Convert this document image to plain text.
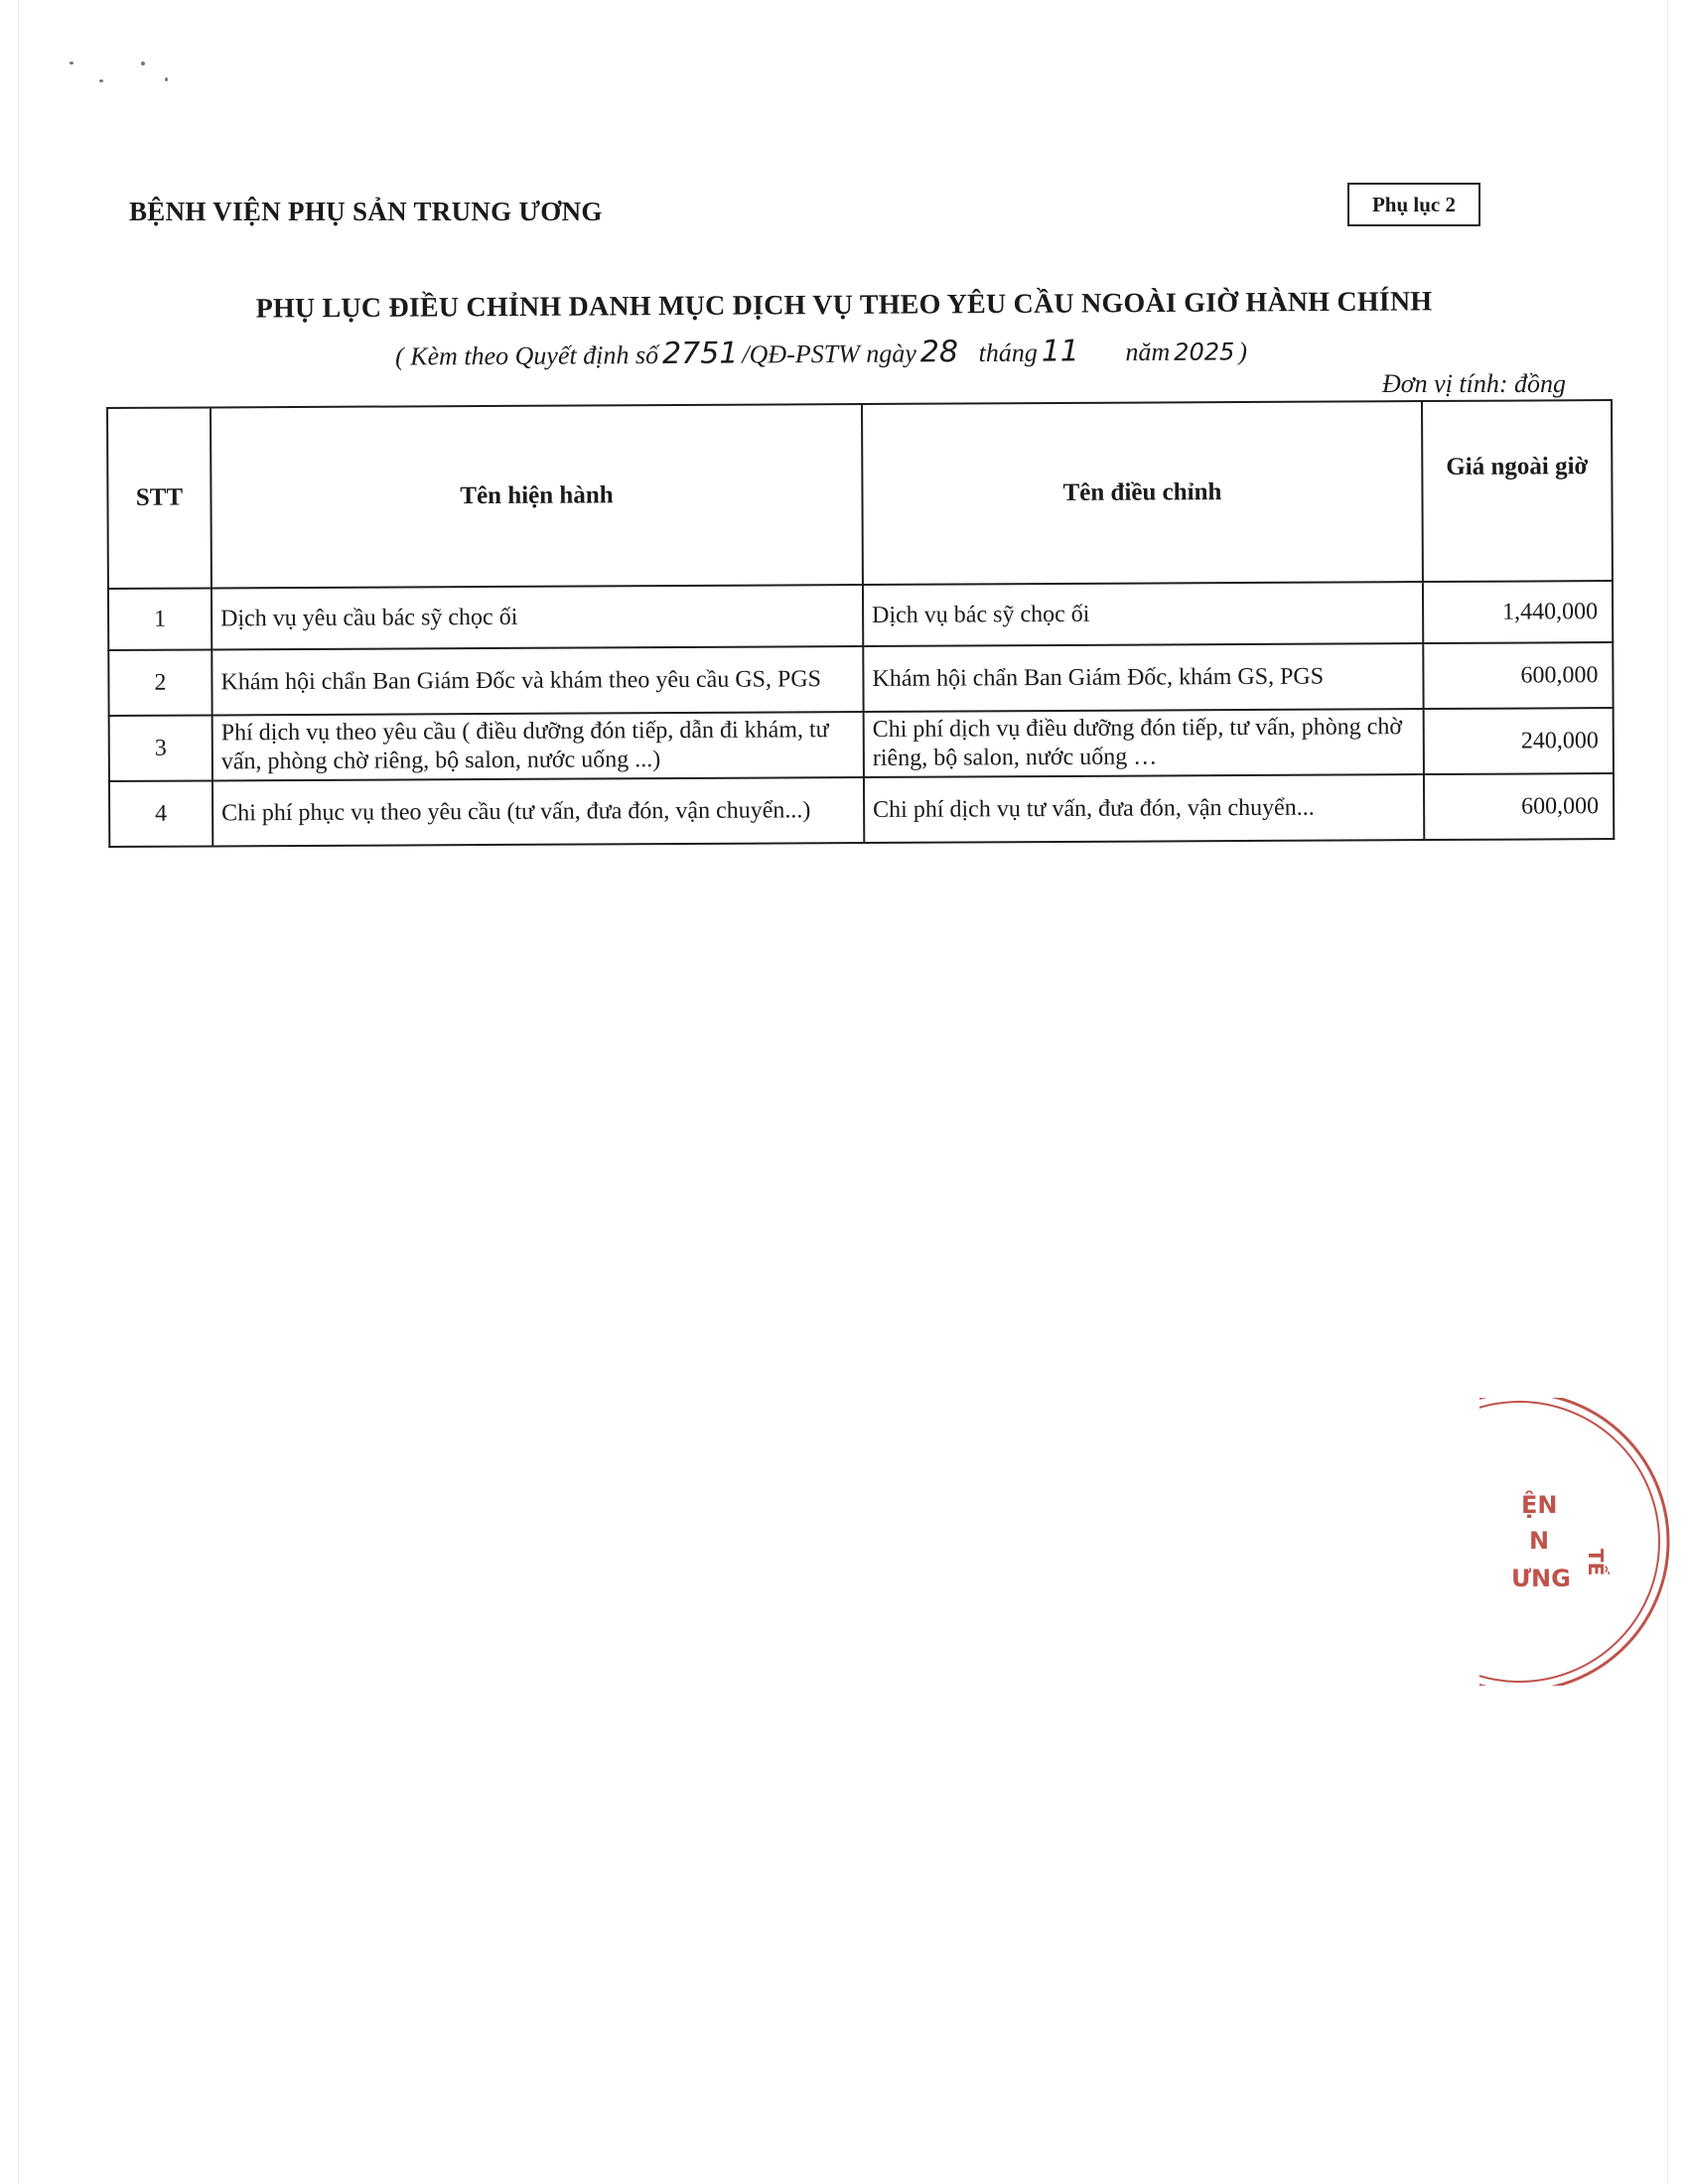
BỆNH VIỆN PHỤ SẢN TRUNG ƯƠNG	Phụ lục 2
PHỤ LỤC ĐIỀU CHỈNH DANH MỤC DỊCH VỤ THEO YÊU CẦU NGOÀI GIỜ HÀNH CHÍNH
( Kèm theo Quyết định số 2751 /QĐ-PSTW ngày 28 tháng 11 năm 2025 )
Đơn vị tính: đồng
STT	Tên hiện hành	Tên điều chỉnh	Giá ngoài giờ
1	Dịch vụ yêu cầu bác sỹ chọc ối	Dịch vụ bác sỹ chọc ối	1,440,000
2	Khám hội chẩn Ban Giám Đốc và khám theo yêu cầu GS, PGS	Khám hội chẩn Ban Giám Đốc, khám GS, PGS	600,000
3	Phí dịch vụ theo yêu cầu ( điều dưỡng đón tiếp, dẫn đi khám, tư vấn, phòng chờ riêng, bộ salon, nước uống ...)	Chi phí dịch vụ điều dưỡng đón tiếp, tư vấn, phòng chờ riêng, bộ salon, nước uống …	240,000
4	Chi phí phục vụ theo yêu cầu (tư vấn, đưa đón, vận chuyển...)	Chi phí dịch vụ tư vấn, đưa đón, vận chuyển...	600,000
ỆN
N
ƯNG
TẾ
